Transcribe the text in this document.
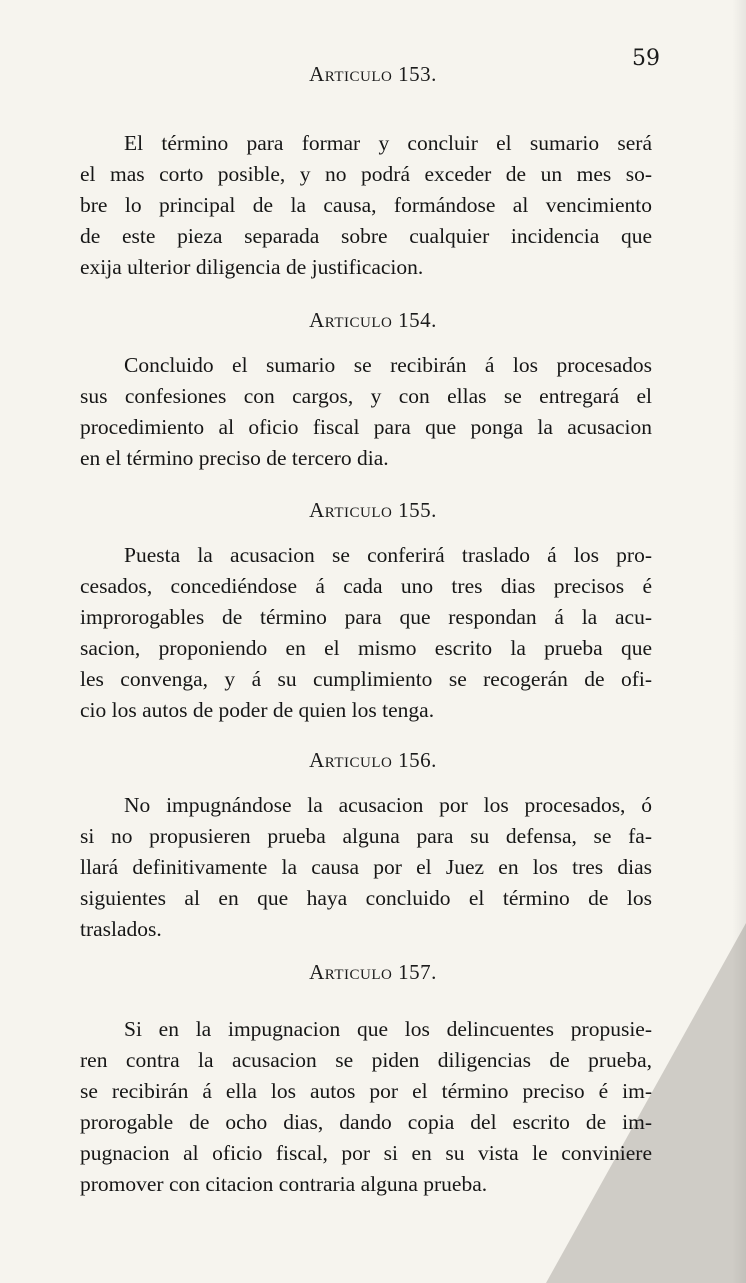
59
Articulo 153.
El término para formar y concluir el sumario será
el mas corto posible, y no podrá exceder de un mes so-
bre lo principal de la causa, formándose al vencimiento
de este pieza separada sobre cualquier incidencia que
exija ulterior diligencia de justificacion.
Articulo 154.
Concluido el sumario se recibirán á los procesados
sus confesiones con cargos, y con ellas se entregará el
procedimiento al oficio fiscal para que ponga la acusacion
en el término preciso de tercero dia.
Articulo 155.
Puesta la acusacion se conferirá traslado á los pro-
cesados, concediéndose á cada uno tres dias precisos é
improrogables de término para que respondan á la acu-
sacion, proponiendo en el mismo escrito la prueba que
les convenga, y á su cumplimiento se recogerán de ofi-
cio los autos de poder de quien los tenga.
Articulo 156.
No impugnándose la acusacion por los procesados, ó
si no propusieren prueba alguna para su defensa, se fa-
llará definitivamente la causa por el Juez en los tres dias
siguientes al en que haya concluido el término de los
traslados.
Articulo 157.
Si en la impugnacion que los delincuentes propusie-
ren contra la acusacion se piden diligencias de prueba,
se recibirán á ella los autos por el término preciso é im-
prorogable de ocho dias, dando copia del escrito de im-
pugnacion al oficio fiscal, por si en su vista le conviniere
promover con citacion contraria alguna prueba.
